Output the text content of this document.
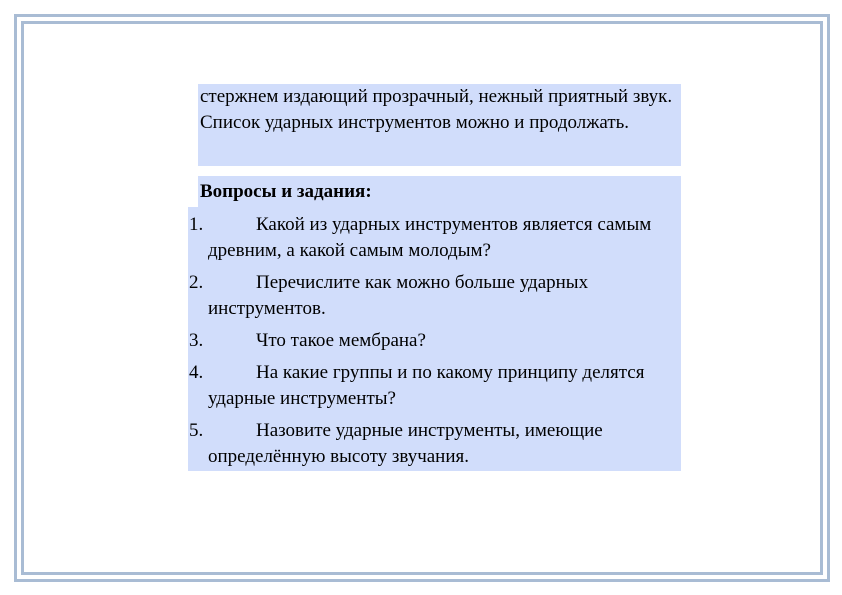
стержнем издающий прозрачный, нежный приятный звук. Список ударных инструментов можно и продолжать.
Вопросы и задания:
1.	Какой из ударных инструментов является самым древним, а какой самым молодым?
2.	Перечислите как можно больше ударных инструментов.
3.	Что такое мембрана?
4.	На какие группы и по какому принципу делятся ударные инструменты?
5.	Назовите ударные инструменты, имеющие определённую высоту звучания.
